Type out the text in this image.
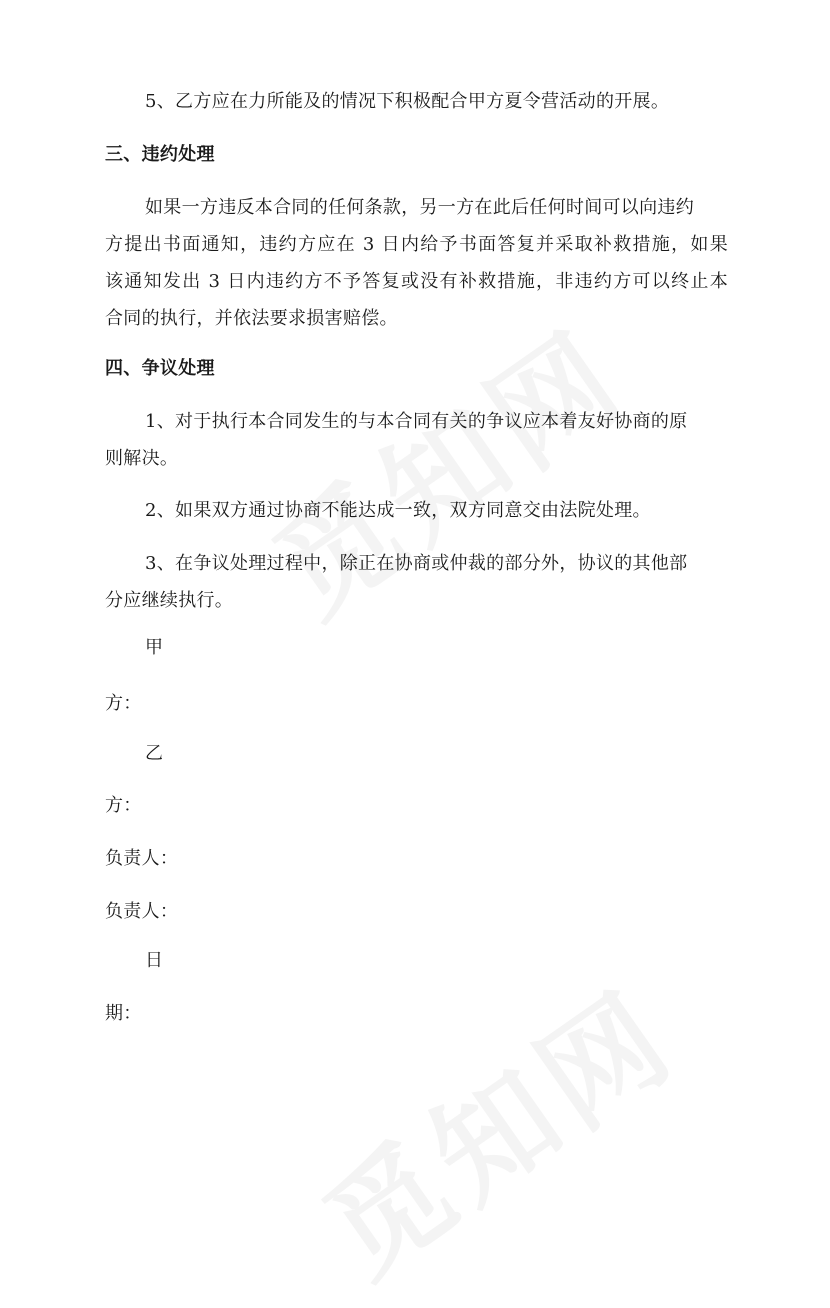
5、乙方应在力所能及的情况下积极配合甲方夏令营活动的开展。
三、违约处理
如果一方违反本合同的任何条款，另一方在此后任何时间可以向违约
方提出书面通知，违约方应在 3 日内给予书面答复并采取补救措施，如果
该通知发出 3 日内违约方不予答复或没有补救措施，非违约方可以终止本
合同的执行，并依法要求损害赔偿。
四、争议处理
1、对于执行本合同发生的与本合同有关的争议应本着友好协商的原
则解决。
2、如果双方通过协商不能达成一致，双方同意交由法院处理。
3、在争议处理过程中，除正在协商或仲裁的部分外，协议的其他部
分应继续执行。
甲
方：
乙
方：
负责人：
负责人：
日
期：
